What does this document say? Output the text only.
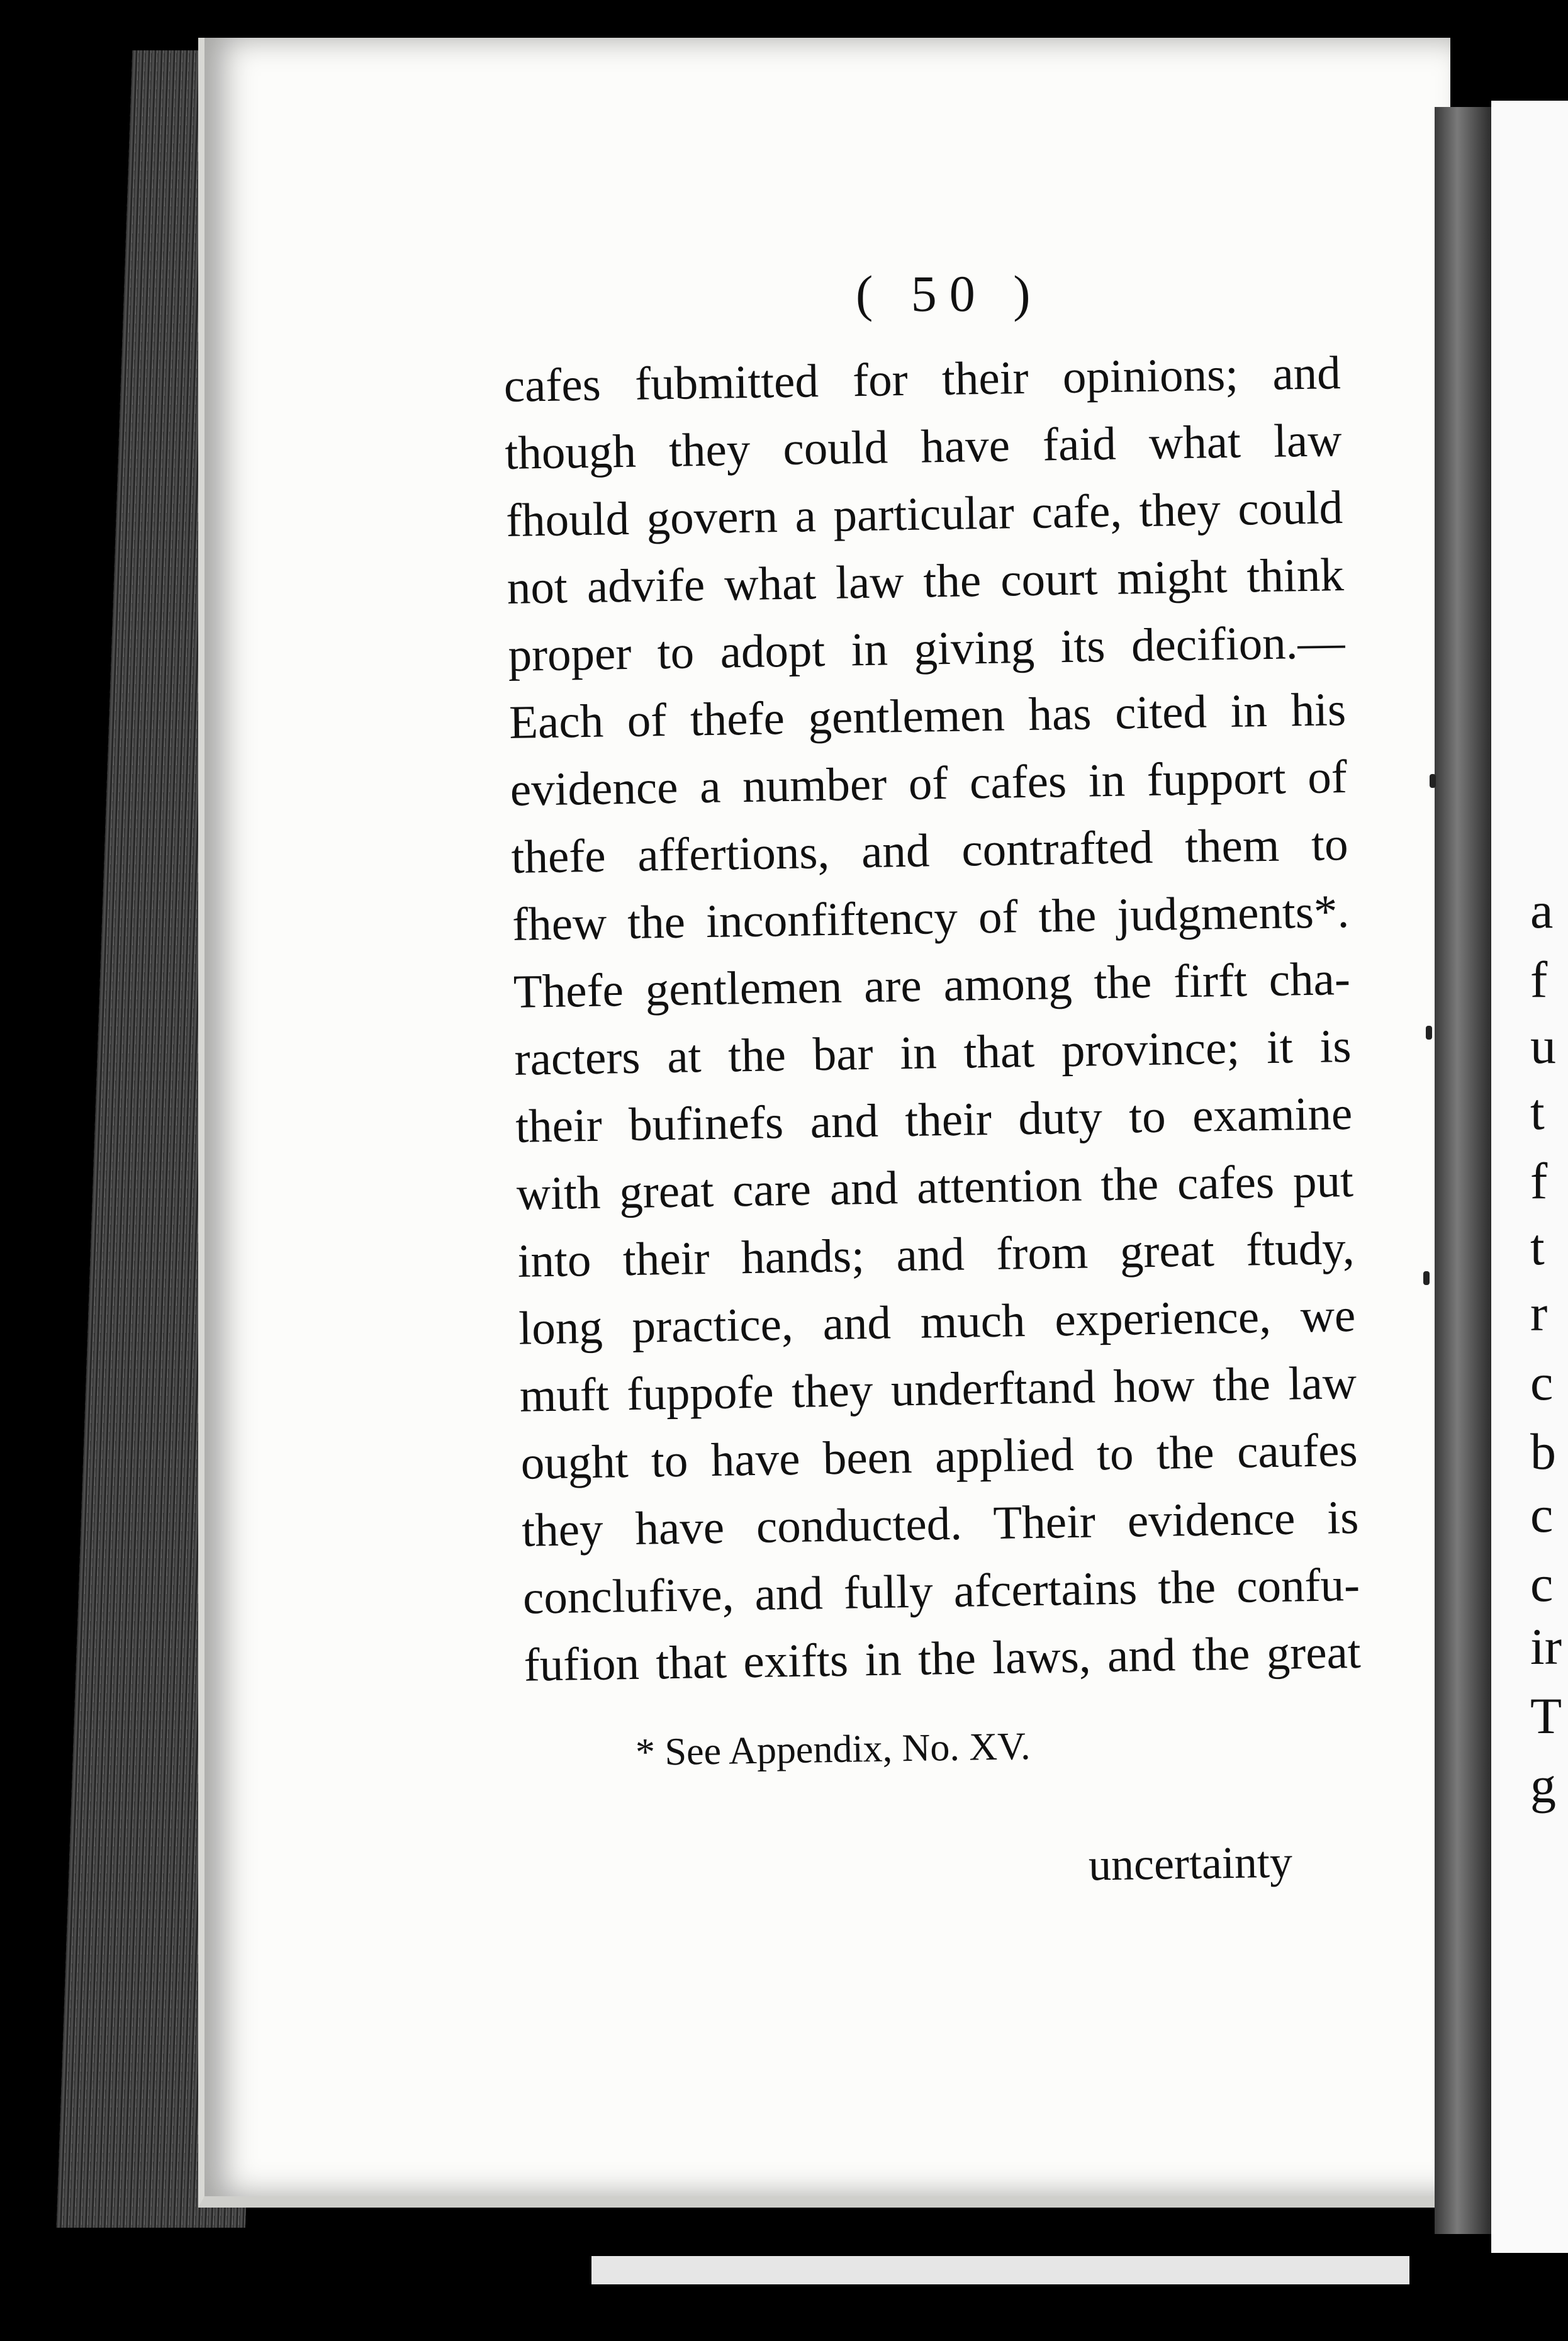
a
f
u
t
f
t
r
c
b
c
c
ir
T
g
( 50 )
cafes fubmitted for their opinions; and
though they could have faid what law
fhould govern a particular cafe, they could
not advife what law the court might think
proper to adopt in giving its decifion.—
Each of thefe gentlemen has cited in his
evidence a number of cafes in fupport of
thefe affertions, and contrafted them to
fhew the inconfiftency of the judgments*.
Thefe gentlemen are among the firft cha-
racters at the bar in that province; it is
their bufinefs and their duty to examine
with great care and attention the cafes put
into their hands; and from great ftudy,
long practice, and much experience, we
muft fuppofe they underftand how the law
ought to have been applied to the caufes
they have conducted. Their evidence is
conclufive, and fully afcertains the confu-
fufion that exifts in the laws, and the great
* See Appendix, No. XV.
uncertainty
